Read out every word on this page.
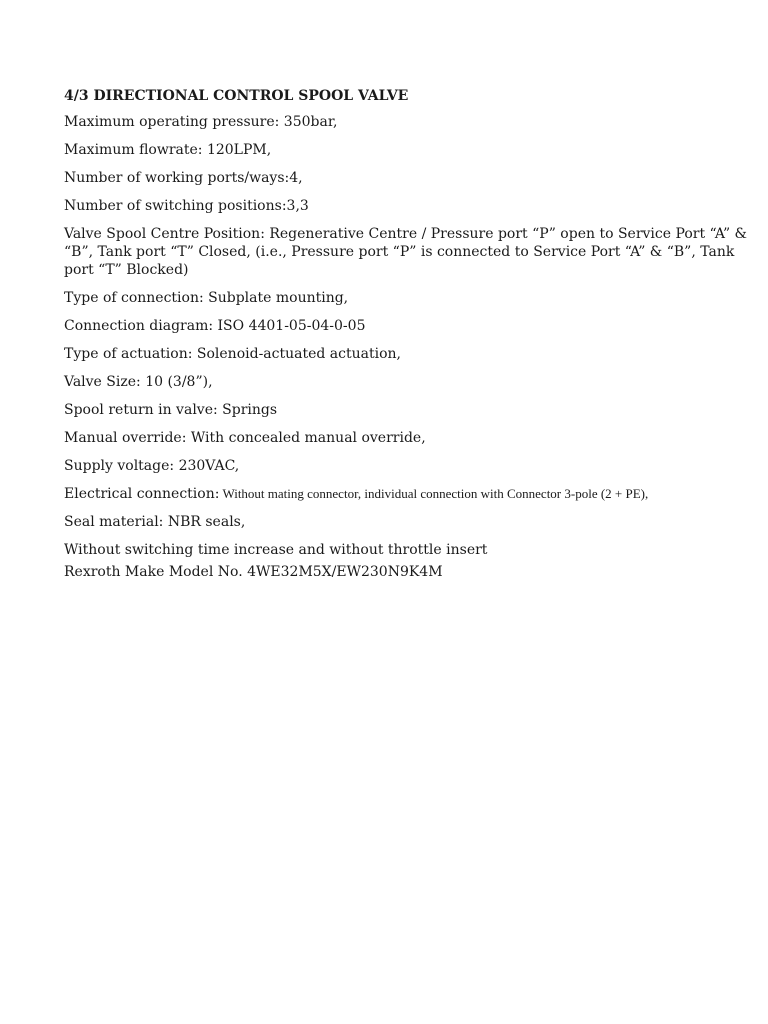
4/3 DIRECTIONAL CONTROL SPOOL VALVE
Maximum operating pressure: 350bar,
Maximum flowrate: 120LPM,
Number of working ports/ways:4,
Number of switching positions:3,3
Valve Spool Centre Position: Regenerative Centre / Pressure port “P” open to Service Port “A” & “B”, Tank port “T” Closed, (i.e., Pressure port “P” is connected to Service Port “A” & “B”, Tank port “T” Blocked)
Type of connection: Subplate mounting,
Connection diagram: ISO 4401-05-04-0-05
Type of actuation: Solenoid-actuated actuation,
Valve Size: 10 (3/8”),
Spool return in valve: Springs
Manual override: With concealed manual override,
Supply voltage: 230VAC,
Electrical connection: Without mating connector, individual connection with Connector 3-pole (2 + PE),
Seal material: NBR seals,
Without switching time increase and without throttle insert
Rexroth Make Model No. 4WE32M5X/EW230N9K4M
